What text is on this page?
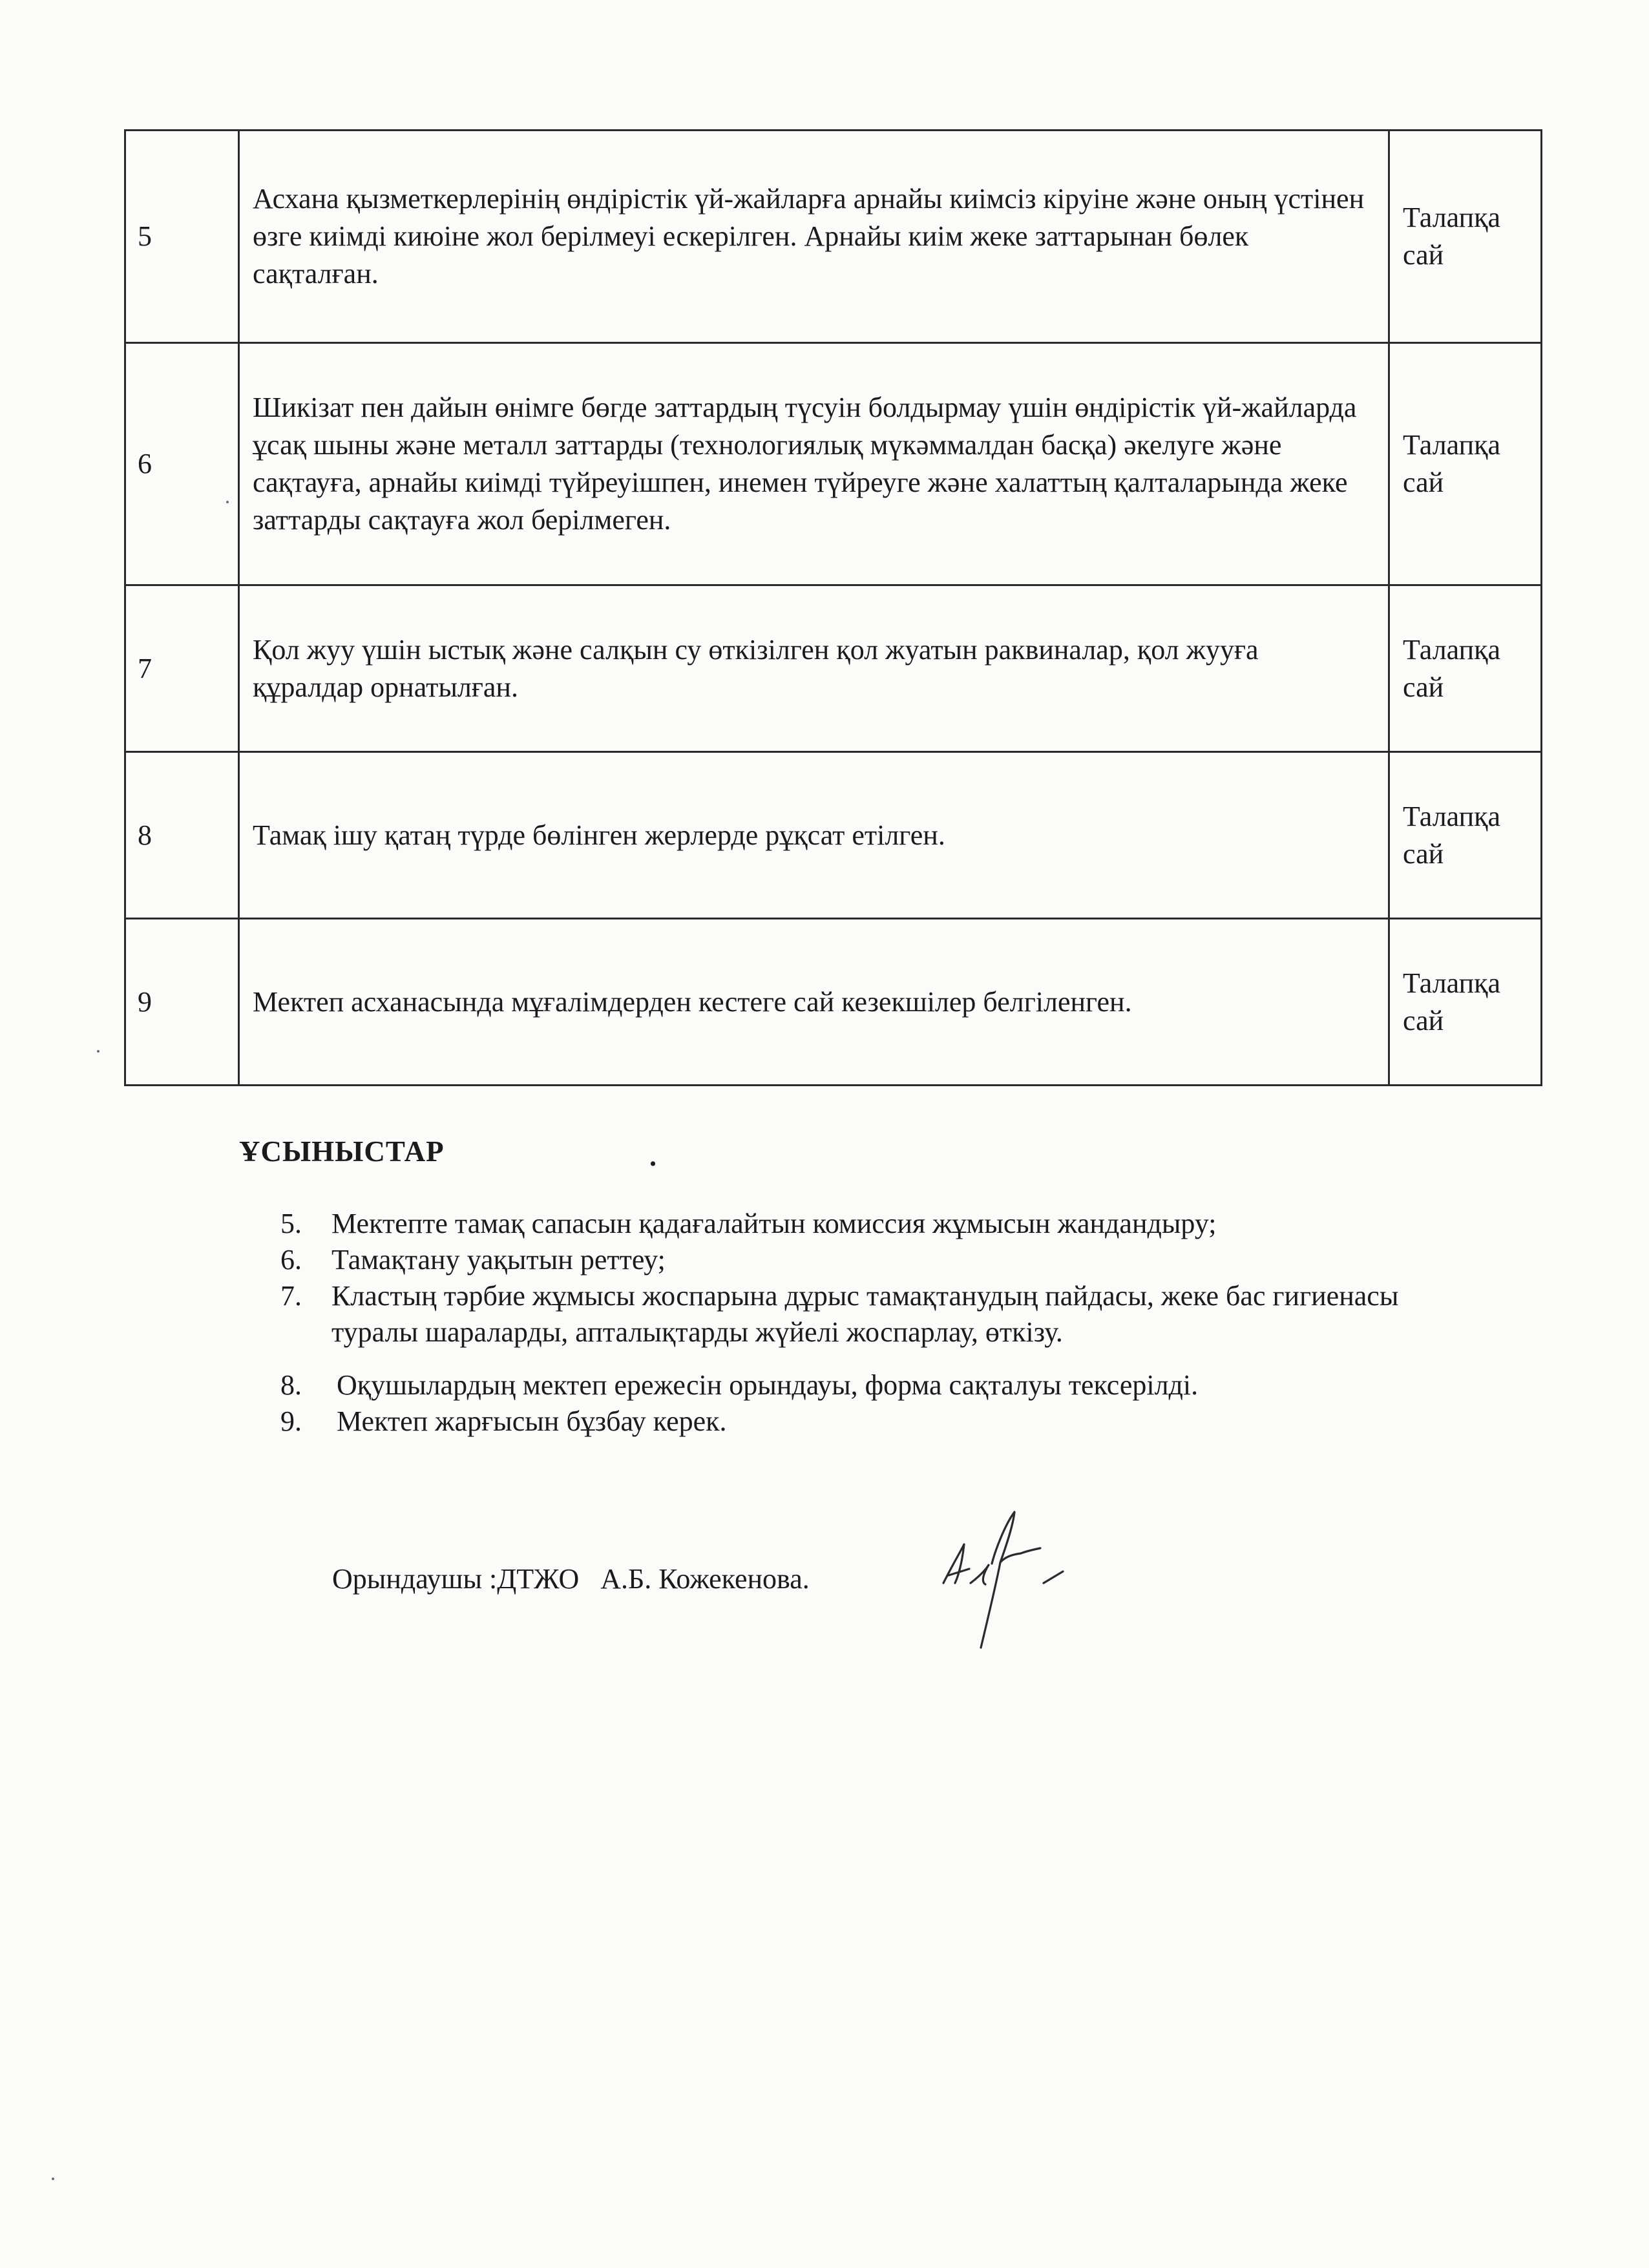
5	Асхана қызметкерлерінің өндірістік үй-жайларға арнайы киімсіз кіруіне және оның үстінен өзге киімді киюіне жол берілмеуі ескерілген. Арнайы киім жеке заттарынан бөлек сақталған.	Талапқа сай
6	Шикізат пен дайын өнімге бөгде заттардың түсуін болдырмау үшін өндірістік үй-жайларда ұсақ шыны және металл заттарды (технологиялық мүкәммалдан басқа) әкелуге және сақтауға, арнайы киімді түйреуішпен, инемен түйреуге және халаттың қалталарында жеке заттарды сақтауға жол берілмеген.	Талапқа сай
7	Қол жуу үшін ыстық және салқын су өткізілген қол жуатын раквиналар, қол жууға құралдар орнатылған.	Талапқа сай
8	Тамақ ішу қатаң түрде бөлінген жерлерде рұқсат етілген.	Талапқа сай
9	Мектеп асханасында мұғалімдерден кестеге сай кезекшілер белгіленген.	Талапқа сай
ҰСЫНЫСТАР	.
5. Мектепте тамақ сапасын қадағалайтын комиссия жұмысын жандандыру;
6. Тамақтану уақытын реттеу;
7. Кластың тәрбие жұмысы жоспарына дұрыс тамақтанудың пайдасы, жеке бас гигиенасы туралы шараларды, апталықтарды жүйелі жоспарлау, өткізу.
8. Оқушылардың мектеп ережесін орындауы, форма сақталуы тексерілді.
9. Мектеп жарғысын бұзбау керек.
Орындаушы :ДТЖО   А.Б. Кожекенова.
